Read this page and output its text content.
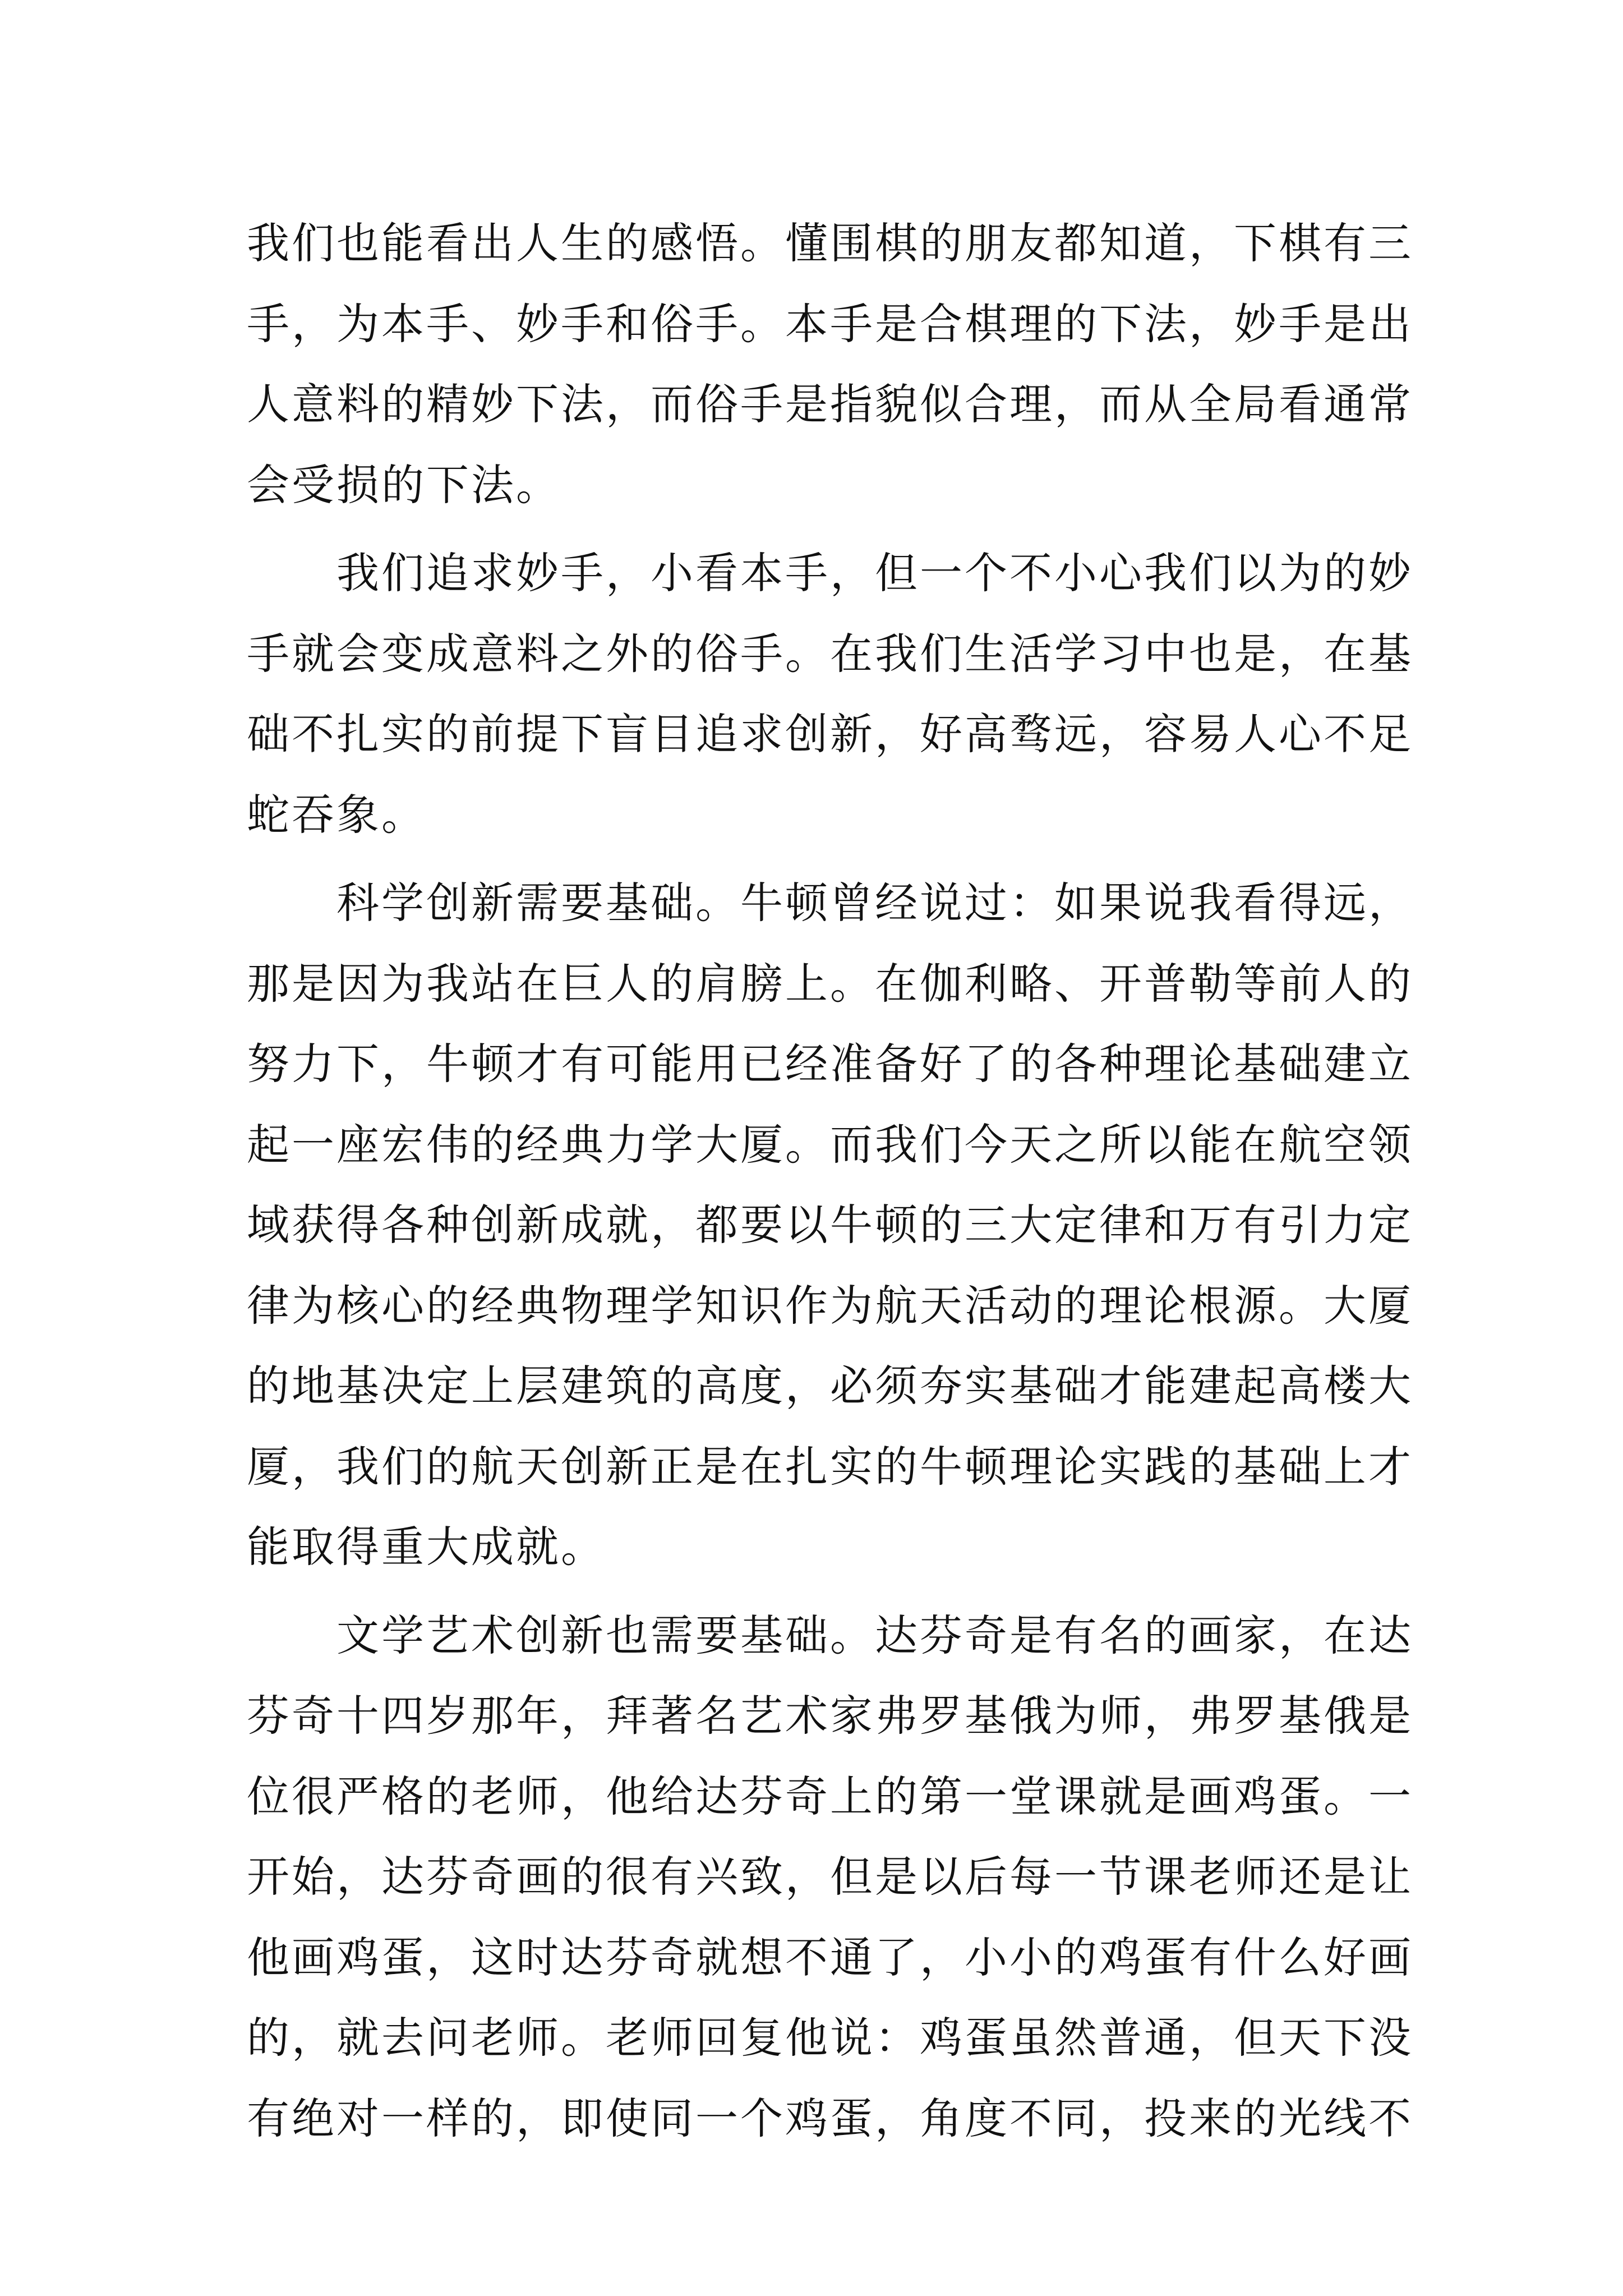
我们也能看出人生的感悟。懂围棋的朋友都知道，下棋有三
手，为本手、妙手和俗手。本手是合棋理的下法，妙手是出
人意料的精妙下法，而俗手是指貌似合理，而从全局看通常
会受损的下法。
我们追求妙手，小看本手，但一个不小心我们以为的妙
手就会变成意料之外的俗手。在我们生活学习中也是，在基
础不扎实的前提下盲目追求创新，好高骛远，容易人心不足
蛇吞象。
科学创新需要基础。牛顿曾经说过：如果说我看得远，
那是因为我站在巨人的肩膀上。在伽利略、开普勒等前人的
努力下，牛顿才有可能用已经准备好了的各种理论基础建立
起一座宏伟的经典力学大厦。而我们今天之所以能在航空领
域获得各种创新成就，都要以牛顿的三大定律和万有引力定
律为核心的经典物理学知识作为航天活动的理论根源。大厦
的地基决定上层建筑的高度，必须夯实基础才能建起高楼大
厦，我们的航天创新正是在扎实的牛顿理论实践的基础上才
能取得重大成就。
文学艺术创新也需要基础。达芬奇是有名的画家，在达
芬奇十四岁那年，拜著名艺术家弗罗基俄为师，弗罗基俄是
位很严格的老师，他给达芬奇上的第一堂课就是画鸡蛋。一
开始，达芬奇画的很有兴致，但是以后每一节课老师还是让
他画鸡蛋，这时达芬奇就想不通了，小小的鸡蛋有什么好画
的，就去问老师。老师回复他说：鸡蛋虽然普通，但天下没
有绝对一样的，即使同一个鸡蛋，角度不同，投来的光线不
